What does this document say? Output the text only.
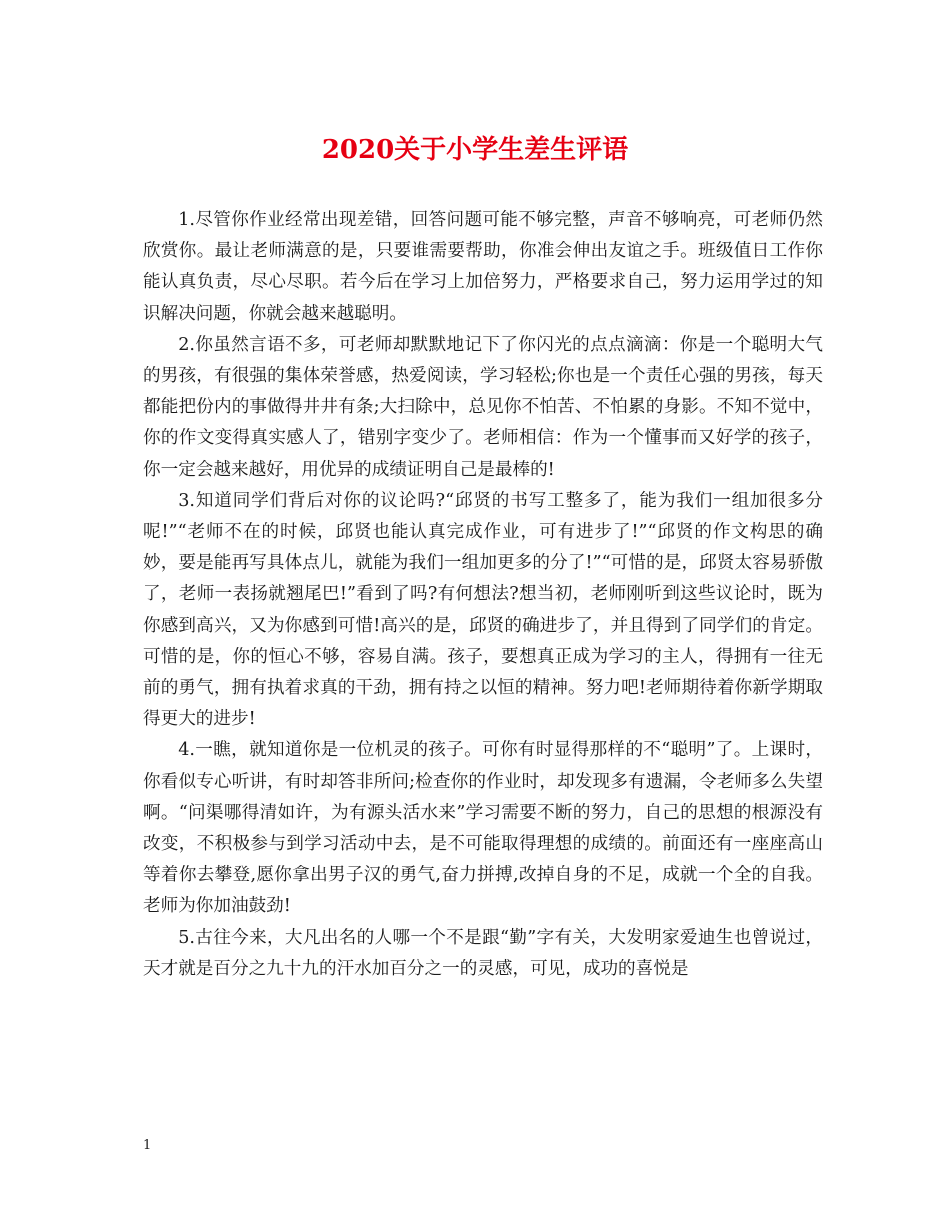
2020关于小学生差生评语

1.尽管你作业经常出现差错，回答问题可能不够完整，声音不够响亮，可老师仍然欣赏你。最让老师满意的是，只要谁需要帮助，你准会伸出友谊之手。班级值日工作你能认真负责，尽心尽职。若今后在学习上加倍努力，严格要求自己，努力运用学过的知识解决问题，你就会越来越聪明。

2.你虽然言语不多，可老师却默默地记下了你闪光的点点滴滴：你是一个聪明大气的男孩，有很强的集体荣誉感，热爱阅读，学习轻松;你也是一个责任心强的男孩，每天都能把份内的事做得井井有条;大扫除中，总见你不怕苦、不怕累的身影。不知不觉中，你的作文变得真实感人了，错别字变少了。老师相信：作为一个懂事而又好学的孩子，你一定会越来越好，用优异的成绩证明自己是最棒的!

3.知道同学们背后对你的议论吗?“邱贤的书写工整多了，能为我们一组加很多分呢!”“老师不在的时候，邱贤也能认真完成作业，可有进步了!”“邱贤的作文构思的确妙，要是能再写具体点儿，就能为我们一组加更多的分了!”“可惜的是，邱贤太容易骄傲了，老师一表扬就翘尾巴!”看到了吗?有何想法?想当初，老师刚听到这些议论时，既为你感到高兴，又为你感到可惜!高兴的是，邱贤的确进步了，并且得到了同学们的肯定。可惜的是，你的恒心不够，容易自满。孩子，要想真正成为学习的主人，得拥有一往无前的勇气，拥有执着求真的干劲，拥有持之以恒的精神。努力吧!老师期待着你新学期取得更大的进步!

4.一瞧，就知道你是一位机灵的孩子。可你有时显得那样的不“聪明”了。上课时，你看似专心听讲，有时却答非所问;检查你的作业时，却发现多有遗漏，令老师多么失望啊。“问渠哪得清如许，为有源头活水来”学习需要不断的努力，自己的思想的根源没有改变，不积极参与到学习活动中去，是不可能取得理想的成绩的。前面还有一座座高山等着你去攀登,愿你拿出男子汉的勇气,奋力拼搏,改掉自身的不足，成就一个全的自我。老师为你加油鼓劲!

5.古往今来，大凡出名的人哪一个不是跟“勤”字有关，大发明家爱迪生也曾说过，天才就是百分之九十九的汗水加百分之一的灵感，可见，成功的喜悦是

1
